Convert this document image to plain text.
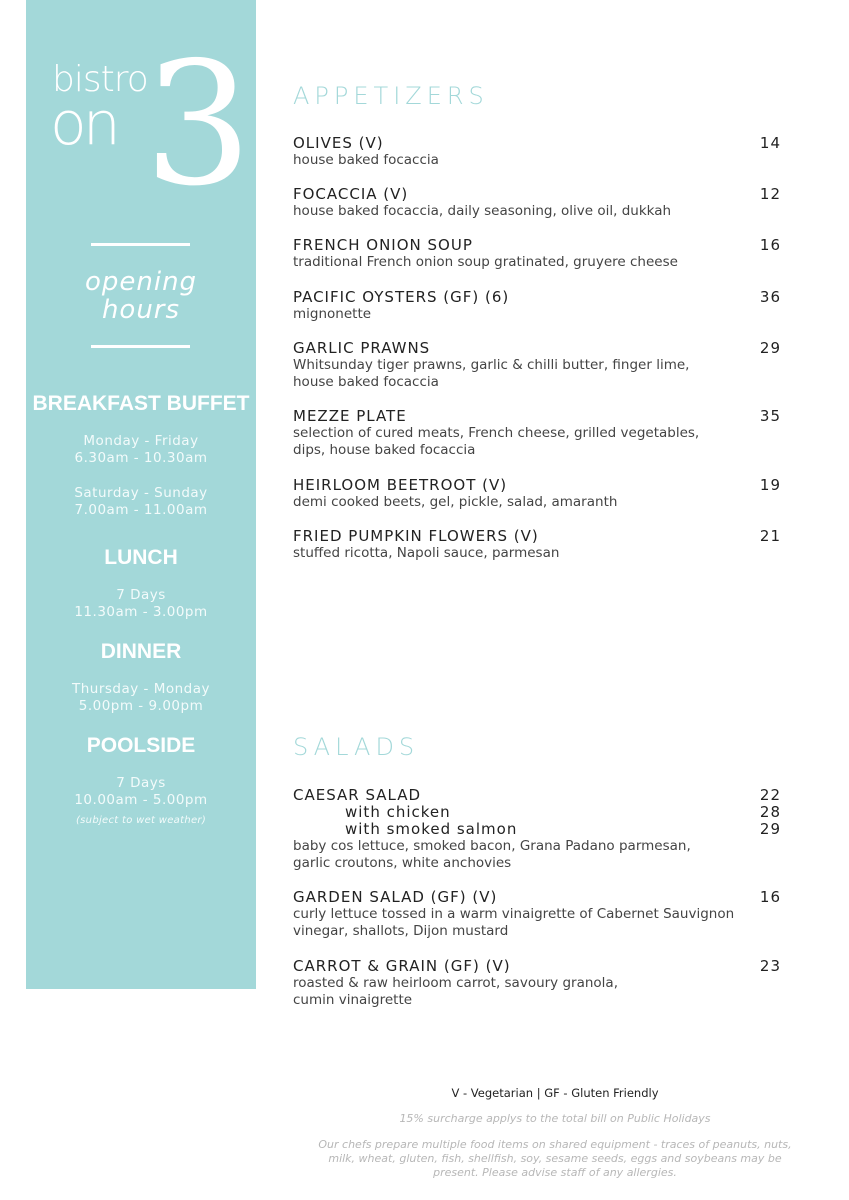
bistro
on 3
opening
hours
BREAKFAST BUFFET
Monday - Friday
6.30am - 10.30am
Saturday - Sunday
7.00am - 11.00am
LUNCH
7 Days
11.30am - 3.00pm
DINNER
Thursday - Monday
5.00pm - 9.00pm
POOLSIDE
7 Days
10.00am - 5.00pm
(subject to wet weather)
APPETIZERS
OLIVES (V)	14
house baked focaccia
FOCACCIA (V)	12
house baked focaccia, daily seasoning, olive oil, dukkah
FRENCH ONION SOUP	16
traditional French onion soup gratinated, gruyere cheese
PACIFIC OYSTERS (GF) (6)	36
mignonette
GARLIC PRAWNS	29
Whitsunday tiger prawns, garlic & chilli butter, finger lime,
house baked focaccia
MEZZE PLATE	35
selection of cured meats, French cheese, grilled vegetables,
dips, house baked focaccia
HEIRLOOM BEETROOT (V)	19
demi cooked beets, gel, pickle, salad, amaranth
FRIED PUMPKIN FLOWERS (V)	21
stuffed ricotta, Napoli sauce, parmesan
SALADS
CAESAR SALAD	22
with chicken	28
with smoked salmon	29
baby cos lettuce, smoked bacon, Grana Padano parmesan,
garlic croutons, white anchovies
GARDEN SALAD (GF) (V)	16
curly lettuce tossed in a warm vinaigrette of Cabernet Sauvignon
vinegar, shallots, Dijon mustard
CARROT & GRAIN (GF) (V)	23
roasted & raw heirloom carrot, savoury granola,
cumin vinaigrette
V - Vegetarian | GF - Gluten Friendly
15% surcharge applys to the total bill on Public Holidays
Our chefs prepare multiple food items on shared equipment - traces of peanuts, nuts,
milk, wheat, gluten, fish, shellfish, soy, sesame seeds, eggs and soybeans may be
present. Please advise staff of any allergies.
